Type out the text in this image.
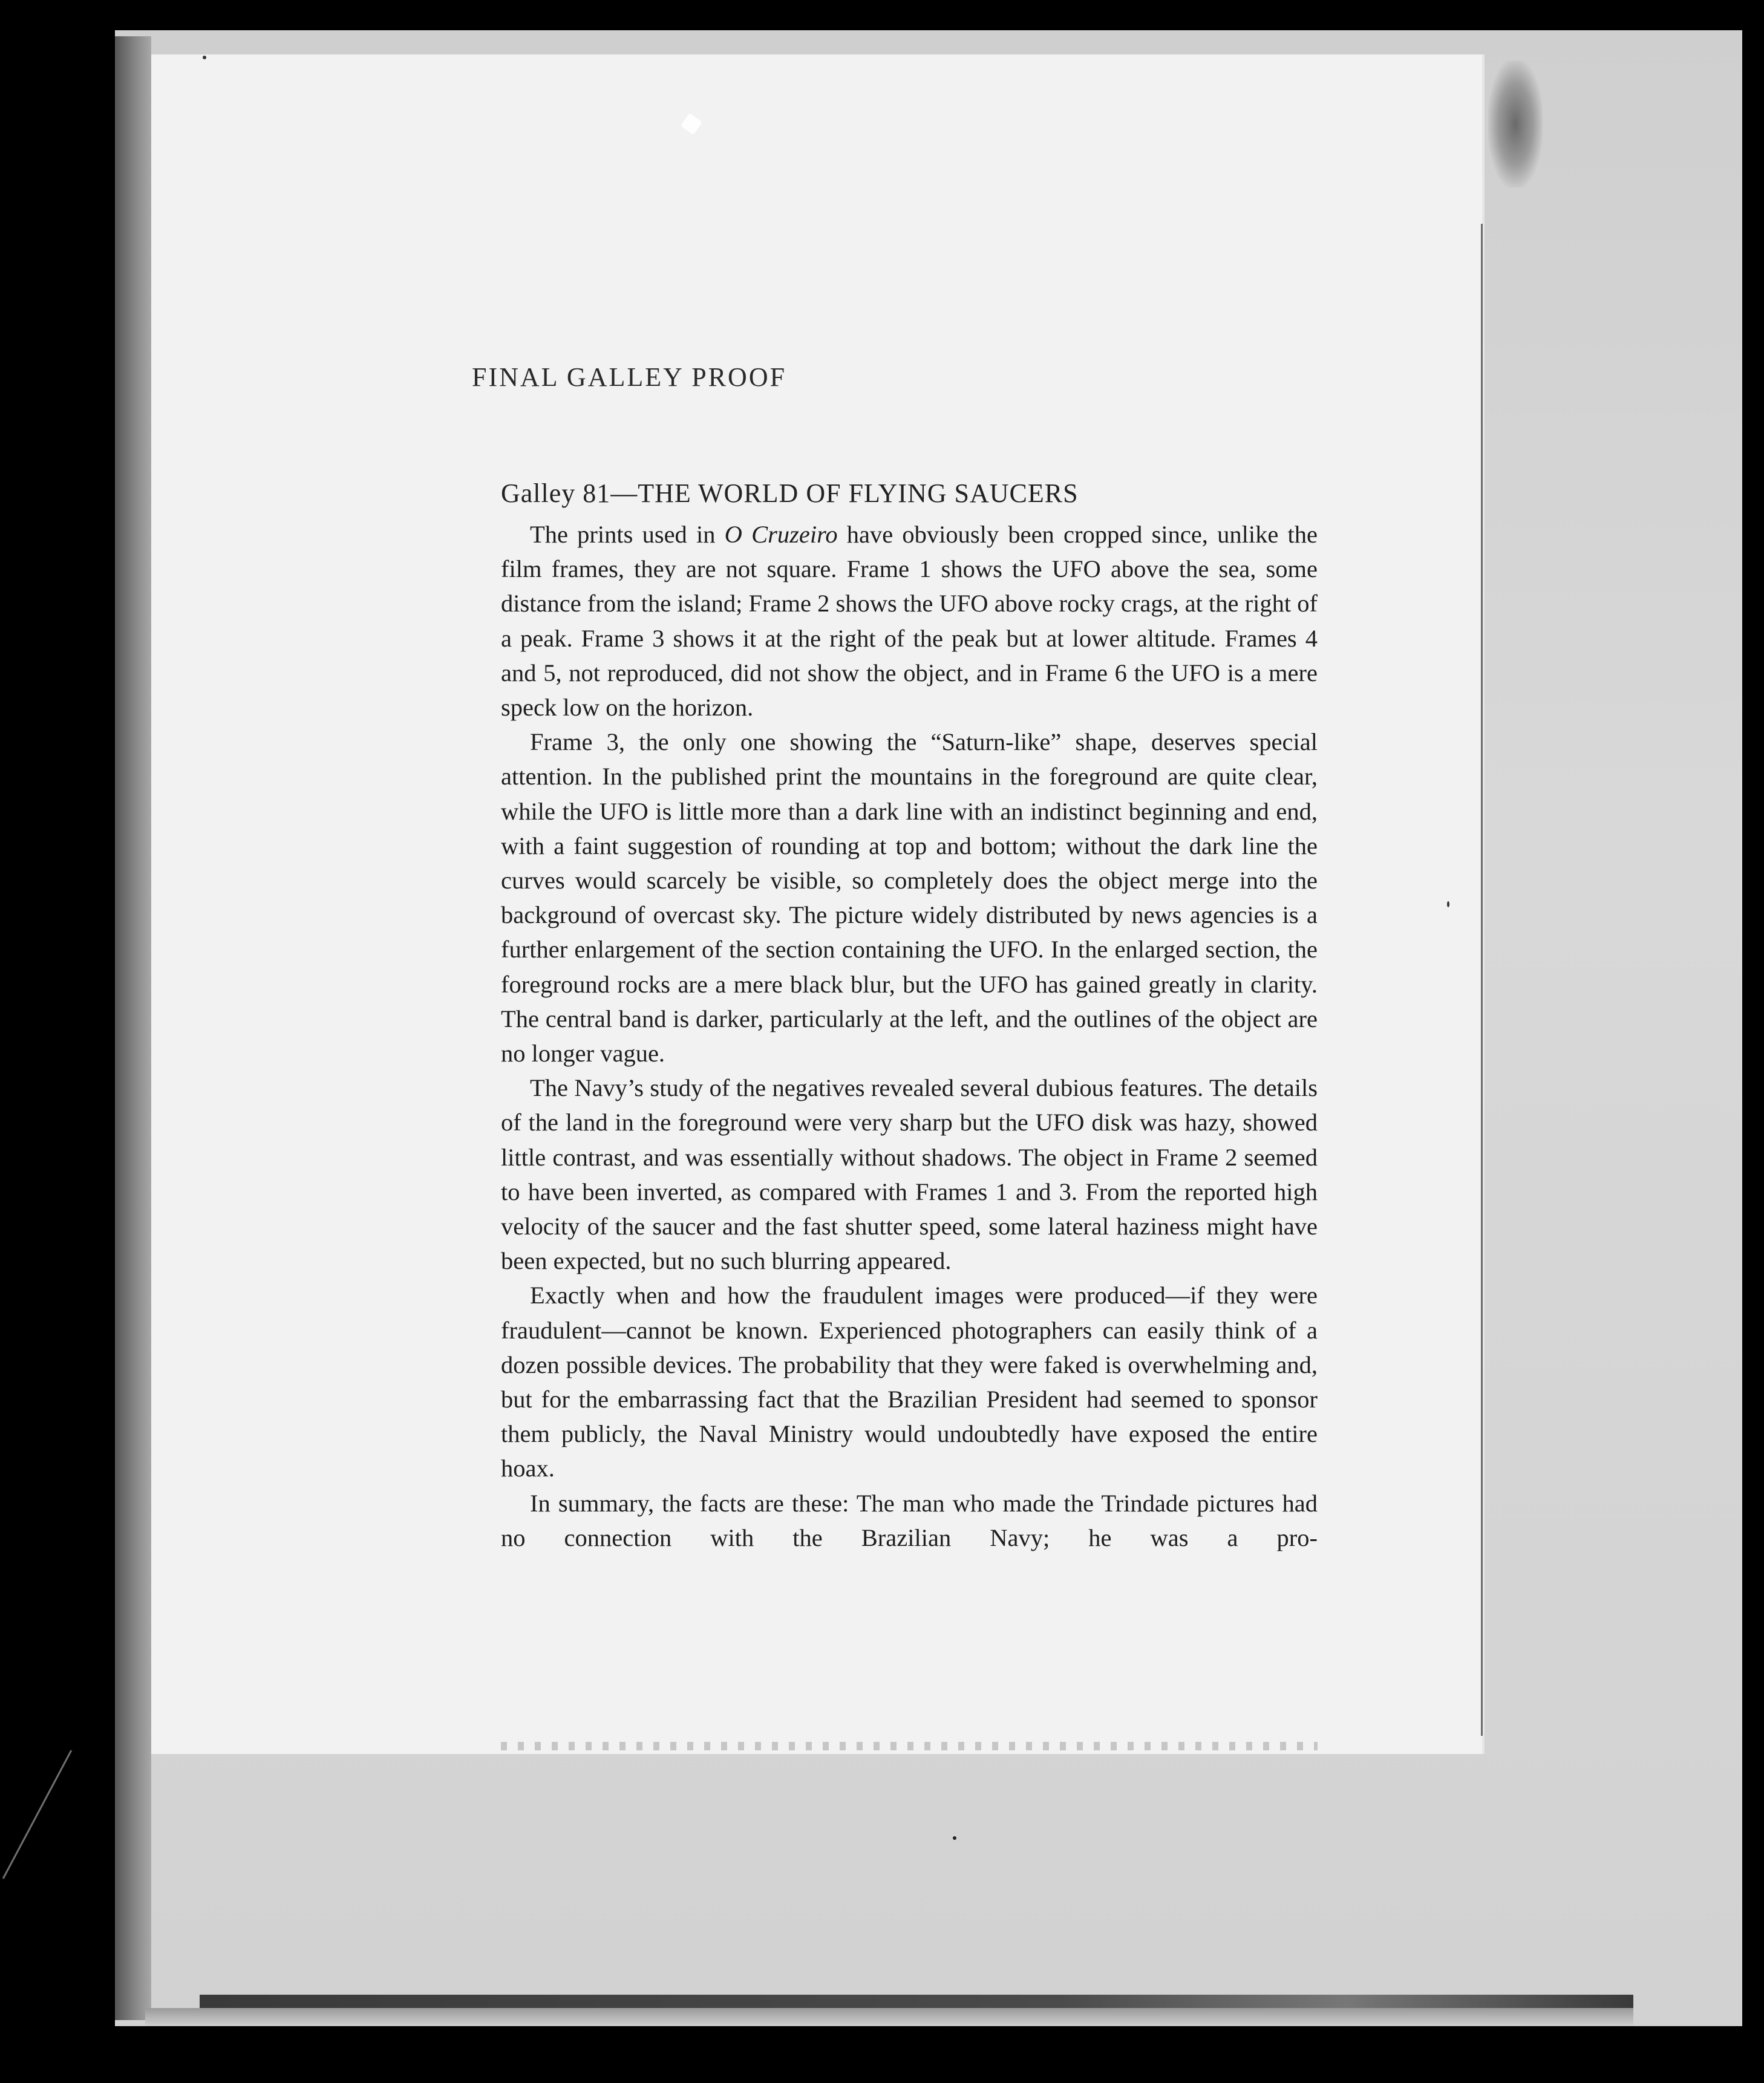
FINAL GALLEY PROOF
Galley 81—THE WORLD OF FLYING SAUCERS

The prints used in O Cruzeiro have obviously been cropped since, unlike the film frames, they are not square. Frame 1 shows the UFO above the sea, some distance from the island; Frame 2 shows the UFO above rocky crags, at the right of a peak. Frame 3 shows it at the right of the peak but at lower altitude. Frames 4 and 5, not reproduced, did not show the object, and in Frame 6 the UFO is a mere speck low on the horizon.

Frame 3, the only one showing the “Saturn-like” shape, deserves special attention. In the published print the mountains in the foreground are quite clear, while the UFO is little more than a dark line with an indistinct beginning and end, with a faint suggestion of rounding at top and bottom; without the dark line the curves would scarcely be visible, so completely does the object merge into the background of overcast sky. The picture widely distributed by news agencies is a further enlargement of the section containing the UFO. In the enlarged section, the foreground rocks are a mere black blur, but the UFO has gained greatly in clarity. The central band is darker, particularly at the left, and the outlines of the object are no longer vague.

The Navy’s study of the negatives revealed several dubious features. The details of the land in the foreground were very sharp but the UFO disk was hazy, showed little contrast, and was essentially without shadows. The object in Frame 2 seemed to have been inverted, as compared with Frames 1 and 3. From the reported high velocity of the saucer and the fast shutter speed, some lateral haziness might have been expected, but no such blurring appeared.

Exactly when and how the fraudulent images were produced—if they were fraudulent—cannot be known. Experienced photographers can easily think of a dozen possible devices. The probability that they were faked is overwhelming and, but for the embarrassing fact that the Brazilian President had seemed to sponsor them publicly, the Naval Ministry would undoubtedly have exposed the entire hoax.

In summary, the facts are these: The man who made the Trindade pictures had no connection with the Brazilian Navy; he was a pro-
